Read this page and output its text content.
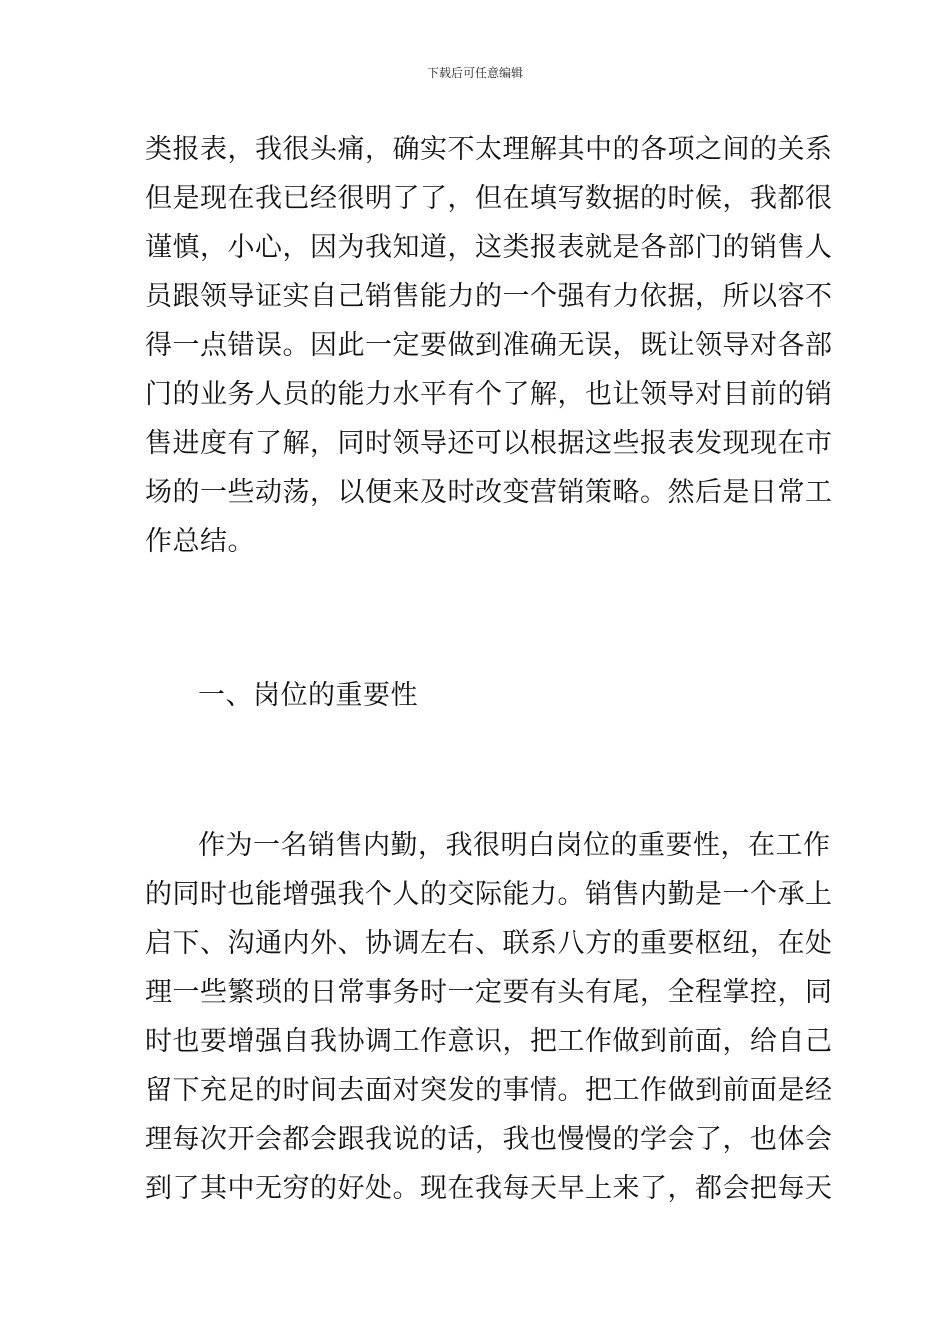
下载后可任意编辑
类报表，我很头痛，确实不太理解其中的各项之间的关系
但是现在我已经很明了了，但在填写数据的时候，我都很
谨慎，小心，因为我知道，这类报表就是各部门的销售人
员跟领导证实自己销售能力的一个强有力依据，所以容不
得一点错误。因此一定要做到准确无误，既让领导对各部
门的业务人员的能力水平有个了解，也让领导对目前的销
售进度有了解，同时领导还可以根据这些报表发现现在市
场的一些动荡，以便来及时改变营销策略。然后是日常工
作总结。
一、岗位的重要性
作为一名销售内勤，我很明白岗位的重要性，在工作
的同时也能增强我个人的交际能力。销售内勤是一个承上
启下、沟通内外、协调左右、联系八方的重要枢纽，在处
理一些繁琐的日常事务时一定要有头有尾，全程掌控，同
时也要增强自我协调工作意识，把工作做到前面，给自己
留下充足的时间去面对突发的事情。把工作做到前面是经
理每次开会都会跟我说的话，我也慢慢的学会了，也体会
到了其中无穷的好处。现在我每天早上来了，都会把每天
